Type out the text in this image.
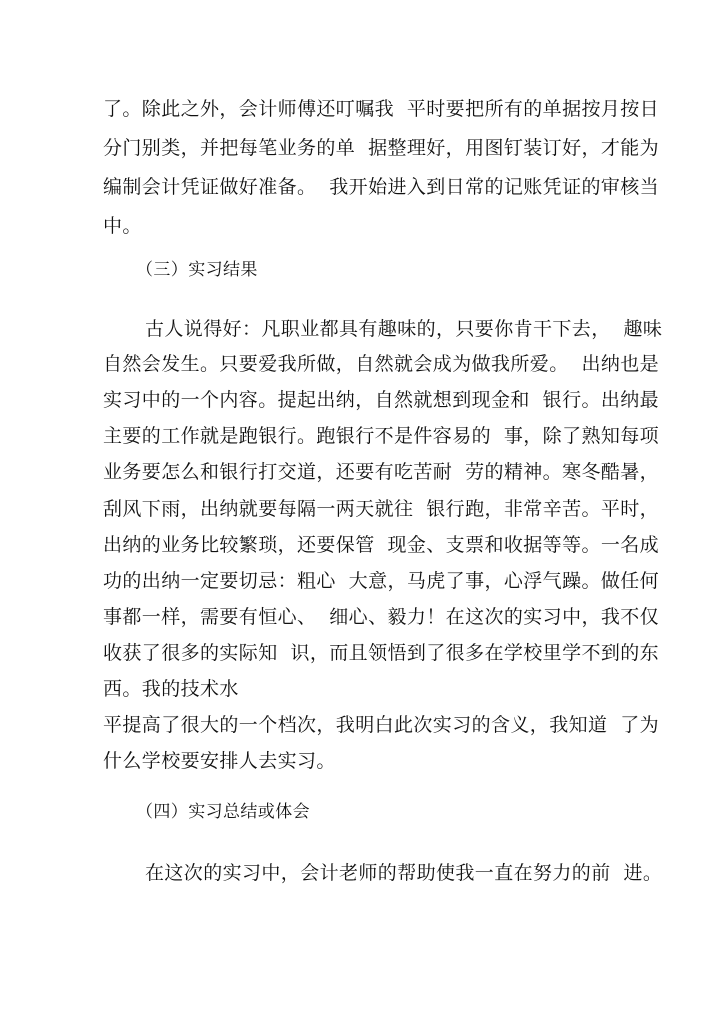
了。除此之外，会计师傅还叮嘱我  平时要把所有的单据按月按日
分门别类，并把每笔业务的单  据整理好，用图钉装订好，才能为
编制会计凭证做好准备。  我开始进入到日常的记账凭证的审核当
中。
（三）实习结果
古人说得好：凡职业都具有趣味的，只要你肯干下去，  趣味
自然会发生。只要爱我所做，自然就会成为做我所爱。  出纳也是
实习中的一个内容。提起出纳，自然就想到现金和  银行。出纳最
主要的工作就是跑银行。跑银行不是件容易的  事，除了熟知每项
业务要怎么和银行打交道，还要有吃苦耐  劳的精神。寒冬酷暑，
刮风下雨，出纳就要每隔一两天就往  银行跑，非常辛苦。平时，
出纳的业务比较繁琐，还要保管  现金、支票和收据等等。一名成
功的出纳一定要切忌：粗心  大意，马虎了事，心浮气躁。做任何
事都一样，需要有恒心、  细心、毅力！在这次的实习中，我不仅
收获了很多的实际知  识，而且领悟到了很多在学校里学不到的东
西。我的技术水
平提高了很大的一个档次，我明白此次实习的含义，我知道  了为
什么学校要安排人去实习。
（四）实习总结或体会
在这次的实习中，会计老师的帮助使我一直在努力的前  进。
